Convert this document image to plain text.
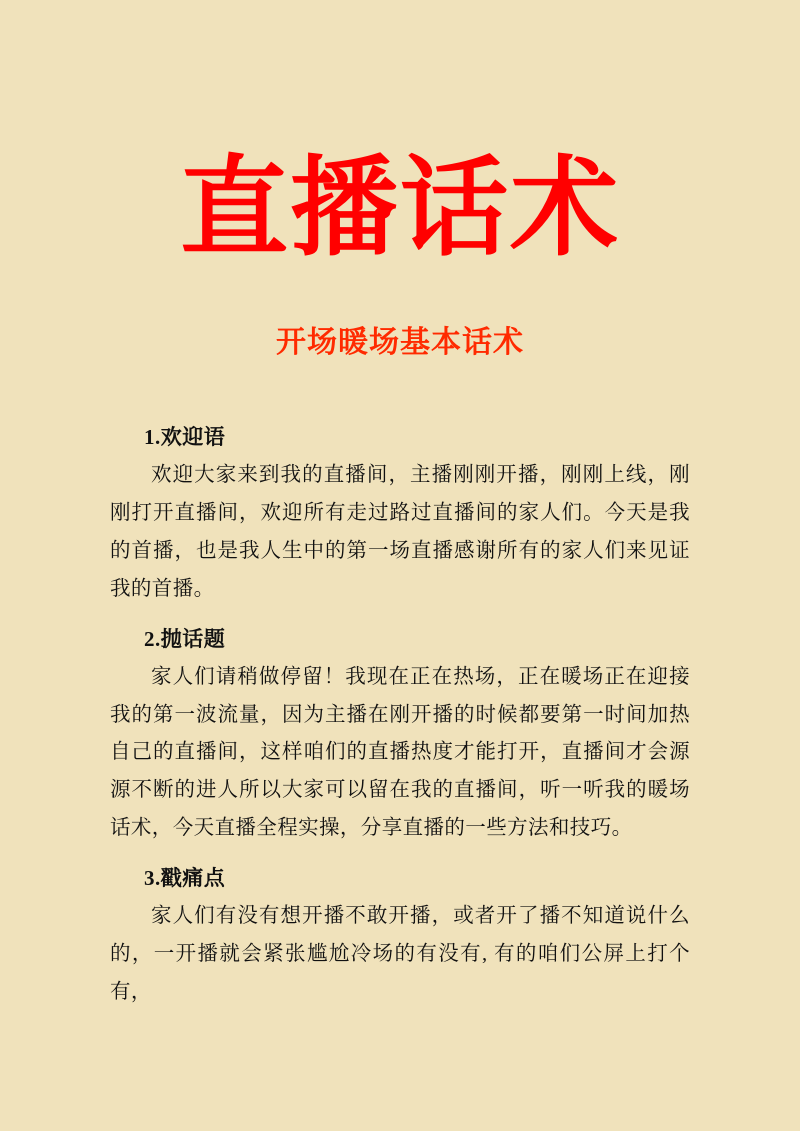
直播话术
开场暖场基本话术
1.欢迎语

欢迎大家来到我的直播间，主播刚刚开播，刚刚上线，刚刚打开直播间，欢迎所有走过路过直播间的家人们。今天是我的首播，也是我人生中的第一场直播感谢所有的家人们来见证我的首播。

2.抛话题

家人们请稍做停留！我现在正在热场，正在暖场正在迎接我的第一波流量，因为主播在刚开播的时候都要第一时间加热自己的直播间，这样咱们的直播热度才能打开，直播间才会源源不断的进人所以大家可以留在我的直播间，听一听我的暖场话术，今天直播全程实操，分享直播的一些方法和技巧。

3.戳痛点

家人们有没有想开播不敢开播，或者开了播不知道说什么的，一开播就会紧张尴尬冷场的有没有, 有的咱们公屏上打个有，
